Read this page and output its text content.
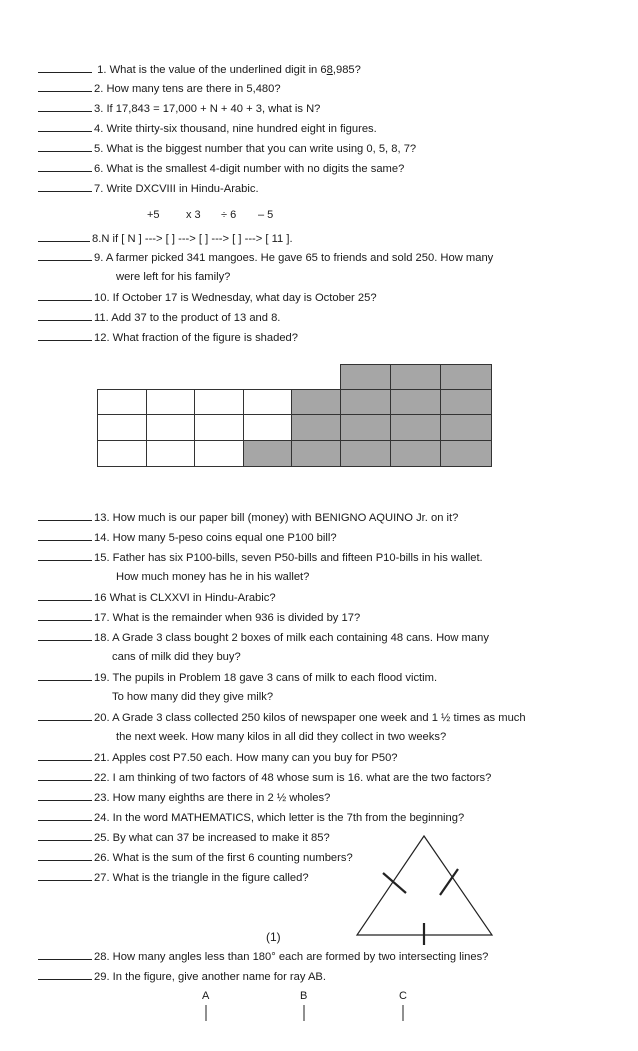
1. What is the value of the underlined digit in 68,985?
2. How many tens are there in 5,480?
3. If 17,843 = 17,000 + N + 40 + 3, what is N?
4. Write thirty-six thousand, nine hundred eight in figures.
5. What is the biggest number that you can write using 0, 5, 8, 7?
6. What is the smallest 4-digit number with no digits the same?
7. Write DXCVIII in Hindu-Arabic.
+5 x 3 ÷ 6 – 5
8.N if [ N ] ---> [ ] ---> [ ] ---> [ ] ---> [ 11 ].
9. A farmer picked 341 mangoes. He gave 65 to friends and sold 250. How many
were left for his family?
10. If October 17 is Wednesday, what day is October 25?
11. Add 37 to the product of 13 and 8.
12. What fraction of the figure is shaded?
13. How much is our paper bill (money) with BENIGNO AQUINO Jr. on it?
14. How many 5-peso coins equal one P100 bill?
15. Father has six P100-bills, seven P50-bills and fifteen P10-bills in his wallet.
How much money has he in his wallet?
16 What is CLXXVI in Hindu-Arabic?
17. What is the remainder when 936 is divided by 17?
18. A Grade 3 class bought 2 boxes of milk each containing 48 cans. How many
cans of milk did they buy?
19. The pupils in Problem 18 gave 3 cans of milk to each flood victim.
To how many did they give milk?
20. A Grade 3 class collected 250 kilos of newspaper one week and 1 ½ times as much
the next week. How many kilos in all did they collect in two weeks?
21. Apples cost P7.50 each. How many can you buy for P50?
22. I am thinking of two factors of 48 whose sum is 16. what are the two factors?
23. How many eighths are there in 2 ½ wholes?
24. In the word MATHEMATICS, which letter is the 7th from the beginning?
25. By what can 37 be increased to make it 85?
26. What is the sum of the first 6 counting numbers?
27. What is the triangle in the figure called?
(1)
28. How many angles less than 180° each are formed by two intersecting lines?
29. In the figure, give another name for ray AB.
A	B	C
